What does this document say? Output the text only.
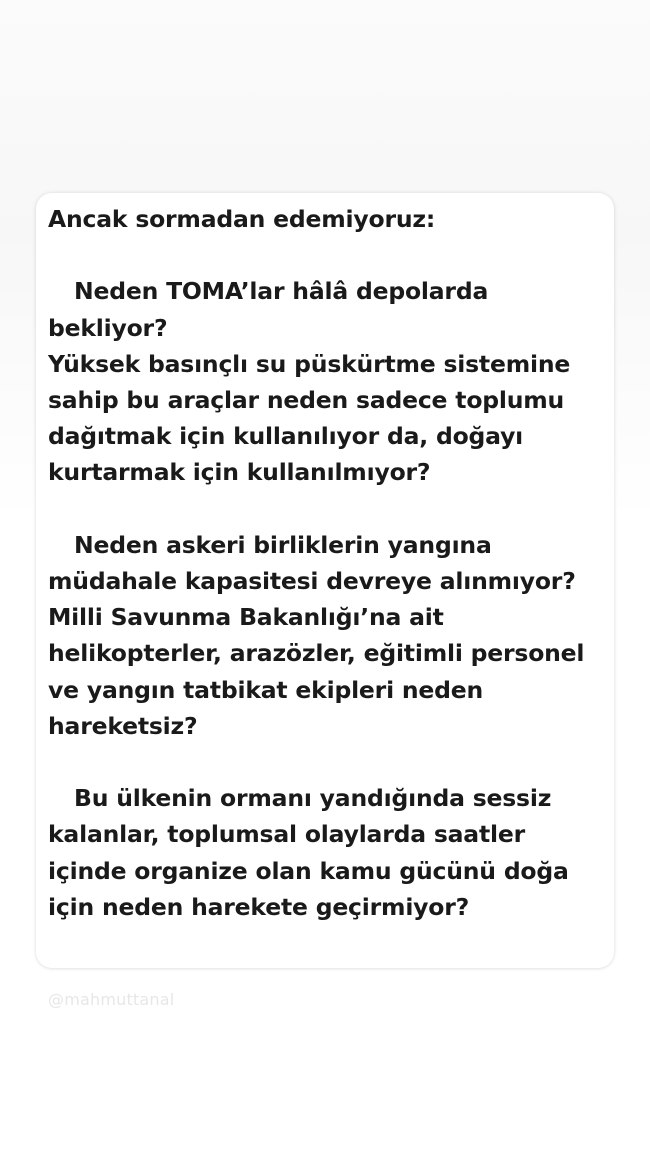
Ancak sormadan edemiyoruz:
Neden TOMA’lar hâlâ depolarda
bekliyor?
Yüksek basınçlı su püskürtme sistemine
sahip bu araçlar neden sadece toplumu
dağıtmak için kullanılıyor da, doğayı
kurtarmak için kullanılmıyor?
Neden askeri birliklerin yangına
müdahale kapasitesi devreye alınmıyor?
Milli Savunma Bakanlığı’na ait
helikopterler, arazözler, eğitimli personel
ve yangın tatbikat ekipleri neden
hareketsiz?
Bu ülkenin ormanı yandığında sessiz
kalanlar, toplumsal olaylarda saatler
içinde organize olan kamu gücünü doğa
için neden harekete geçirmiyor?
@mahmuttanal
